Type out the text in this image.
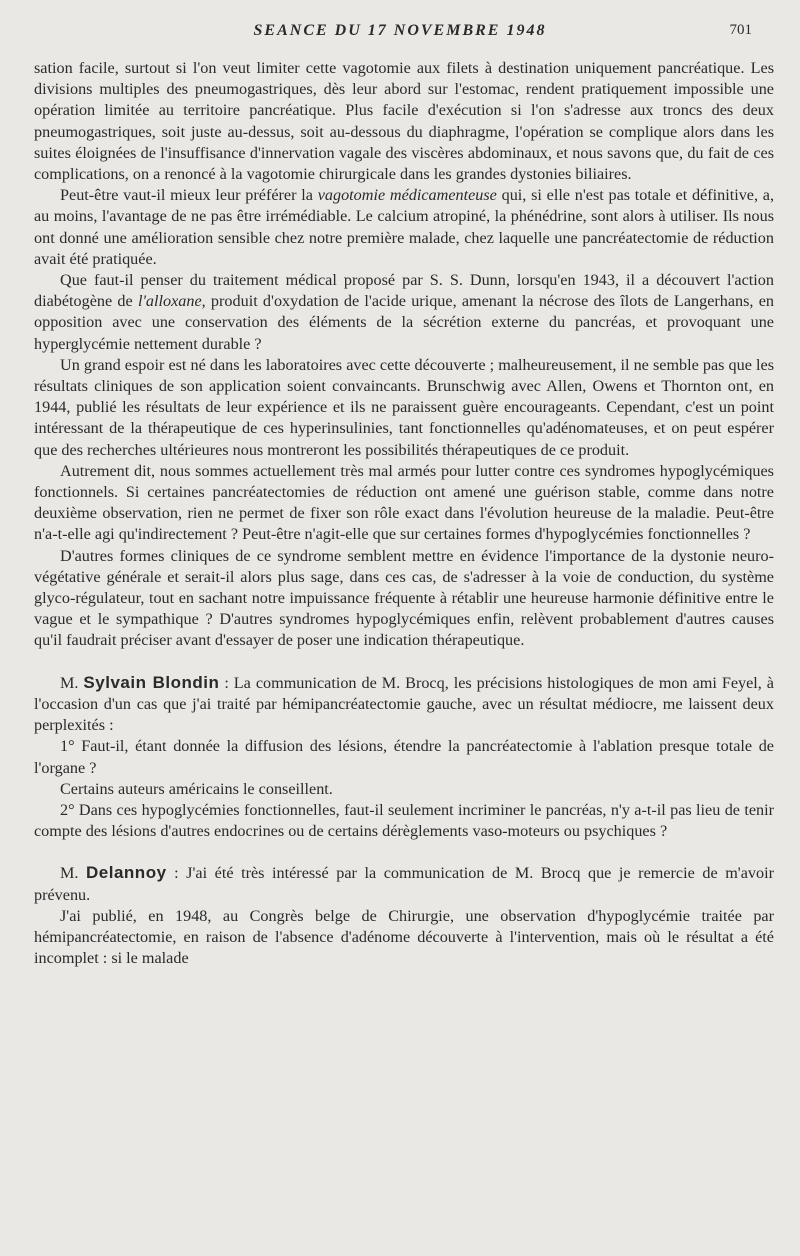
SEANCE DU 17 NOVEMBRE 1948	701

sation facile, surtout si l'on veut limiter cette vagotomie aux filets à destination uniquement pancréatique. Les divisions multiples des pneumogastriques, dès leur abord sur l'estomac, rendent pratiquement impossible une opération limitée au territoire pancréatique. Plus facile d'exécution si l'on s'adresse aux troncs des deux pneumogastriques, soit juste au-dessus, soit au-dessous du diaphragme, l'opération se complique alors dans les suites éloignées de l'insuffisance d'innervation vagale des viscères abdominaux, et nous savons que, du fait de ces complications, on a renoncé à la vagotomie chirurgicale dans les grandes dystonies biliaires.

Peut-être vaut-il mieux leur préférer la vagotomie médicamenteuse qui, si elle n'est pas totale et définitive, a, au moins, l'avantage de ne pas être irrémédiable. Le calcium atropiné, la phénédrine, sont alors à utiliser. Ils nous ont donné une amélioration sensible chez notre première malade, chez laquelle une pancréatectomie de réduction avait été pratiquée.

Que faut-il penser du traitement médical proposé par S. S. Dunn, lorsqu'en 1943, il a découvert l'action diabétogène de l'alloxane, produit d'oxydation de l'acide urique, amenant la nécrose des îlots de Langerhans, en opposition avec une conservation des éléments de la sécrétion externe du pancréas, et provoquant une hyperglycémie nettement durable ?

Un grand espoir est né dans les laboratoires avec cette découverte ; malheureusement, il ne semble pas que les résultats cliniques de son application soient convaincants. Brunschwig avec Allen, Owens et Thornton ont, en 1944, publié les résultats de leur expérience et ils ne paraissent guère encourageants. Cependant, c'est un point intéressant de la thérapeutique de ces hyperinsulinies, tant fonctionnelles qu'adénomateuses, et on peut espérer que des recherches ultérieures nous montreront les possibilités thérapeutiques de ce produit.

Autrement dit, nous sommes actuellement très mal armés pour lutter contre ces syndromes hypoglycémiques fonctionnels. Si certaines pancréatectomies de réduction ont amené une guérison stable, comme dans notre deuxième observation, rien ne permet de fixer son rôle exact dans l'évolution heureuse de la maladie. Peut-être n'a-t-elle agi qu'indirectement ? Peut-être n'agit-elle que sur certaines formes d'hypoglycémies fonctionnelles ?

D'autres formes cliniques de ce syndrome semblent mettre en évidence l'importance de la dystonie neuro-végétative générale et serait-il alors plus sage, dans ces cas, de s'adresser à la voie de conduction, du système glyco-régulateur, tout en sachant notre impuissance fréquente à rétablir une heureuse harmonie définitive entre le vague et le sympathique ? D'autres syndromes hypoglycémiques enfin, relèvent probablement d'autres causes qu'il faudrait préciser avant d'essayer de poser une indication thérapeutique.

M. Sylvain Blondin : La communication de M. Brocq, les précisions histologiques de mon ami Feyel, à l'occasion d'un cas que j'ai traité par hémipancréatectomie gauche, avec un résultat médiocre, me laissent deux perplexités :

1° Faut-il, étant donnée la diffusion des lésions, étendre la pancréatectomie à l'ablation presque totale de l'organe ?

Certains auteurs américains le conseillent.

2° Dans ces hypoglycémies fonctionnelles, faut-il seulement incriminer le pancréas, n'y a-t-il pas lieu de tenir compte des lésions d'autres endocrines ou de certains dérèglements vaso-moteurs ou psychiques ?

M. Delannoy : J'ai été très intéressé par la communication de M. Brocq que je remercie de m'avoir prévenu.

J'ai publié, en 1948, au Congrès belge de Chirurgie, une observation d'hypoglycémie traitée par hémipancréatectomie, en raison de l'absence d'adénome découverte à l'intervention, mais où le résultat a été incomplet : si le malade
